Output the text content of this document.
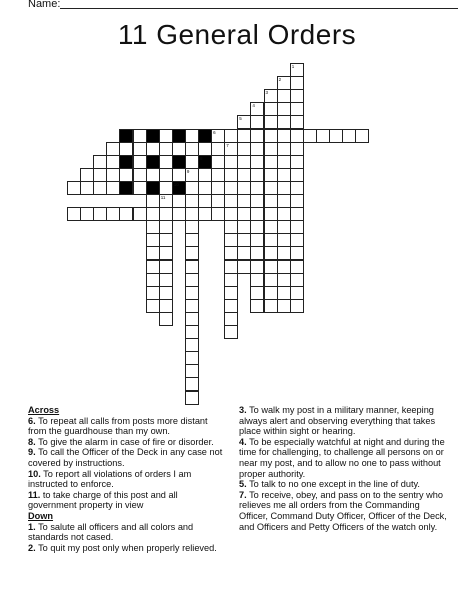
Name:
11 General Orders
1
2
3
4
5
7
9
11
6
8
10
Across
6. To repeat all calls from posts more distant from the guardhouse than my own.
8. To give the alarm in case of fire or disorder.
9. To call the Officer of the Deck in any case not covered by instructions.
10. To report all violations of orders I am instructed to enforce.
11. to take charge of this post and all government property in view
Down
1. To salute all officers and all colors and standards not cased.
2. To quit my post only when properly relieved.
3. To walk my post in a military manner, keeping always alert and observing everything that takes place within sight or hearing.
4. To be especially watchful at night and during the time for challenging, to challenge all persons on or near my post, and to allow no one to pass without proper authority.
5. To talk to no one except in the line of duty.
7. To receive, obey, and pass on to the sentry who relieves me all orders from the Commanding Officer, Command Duty Officer, Officer of the Deck, and Officers and Petty Officers of the watch only.
